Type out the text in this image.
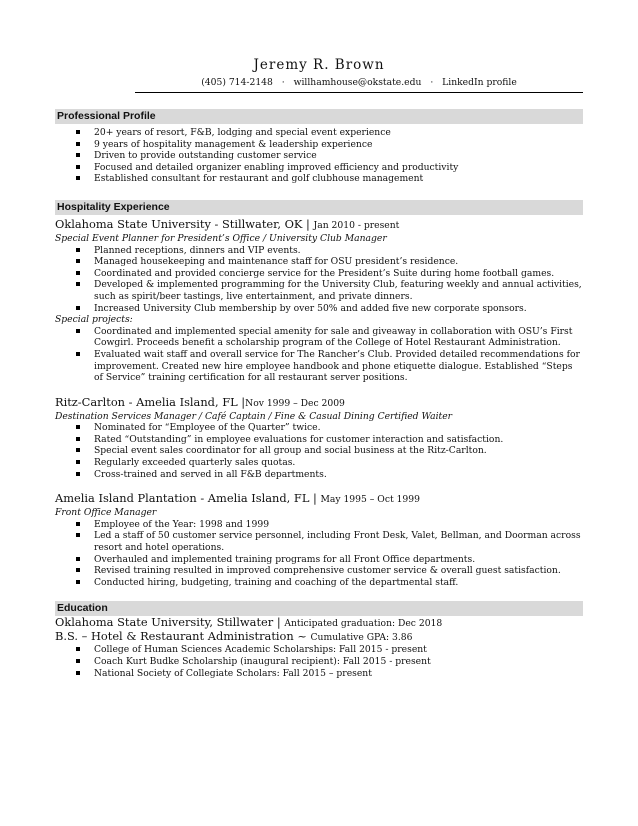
Jeremy R. Brown
(405) 714-2148 · willhamhouse@okstate.edu · LinkedIn profile
Professional Profile
20+ years of resort, F&B, lodging and special event experience
9 years of hospitality management & leadership experience
Driven to provide outstanding customer service
Focused and detailed organizer enabling improved efficiency and productivity
Established consultant for restaurant and golf clubhouse management
Hospitality Experience
Oklahoma State University - Stillwater, OK | Jan 2010 - present
Special Event Planner for President’s Office / University Club Manager
Planned receptions, dinners and VIP events.
Managed housekeeping and maintenance staff for OSU president’s residence.
Coordinated and provided concierge service for the President’s Suite during home football games.
Developed & implemented programming for the University Club, featuring weekly and annual activities, such as spirit/beer tastings, live entertainment, and private dinners.
Increased University Club membership by over 50% and added five new corporate sponsors.
Special projects:
Coordinated and implemented special amenity for sale and giveaway in collaboration with OSU’s First Cowgirl. Proceeds benefit a scholarship program of the College of Hotel Restaurant Administration.
Evaluated wait staff and overall service for The Rancher’s Club. Provided detailed recommendations for improvement. Created new hire employee handbook and phone etiquette dialogue. Established “Steps of Service” training certification for all restaurant server positions.
Ritz-Carlton - Amelia Island, FL |Nov 1999 – Dec 2009
Destination Services Manager / Café Captain / Fine & Casual Dining Certified Waiter
Nominated for “Employee of the Quarter” twice.
Rated “Outstanding” in employee evaluations for customer interaction and satisfaction.
Special event sales coordinator for all group and social business at the Ritz-Carlton.
Regularly exceeded quarterly sales quotas.
Cross-trained and served in all F&B departments.
Amelia Island Plantation - Amelia Island, FL | May 1995 – Oct 1999
Front Office Manager
Employee of the Year: 1998 and 1999
Led a staff of 50 customer service personnel, including Front Desk, Valet, Bellman, and Doorman across resort and hotel operations.
Overhauled and implemented training programs for all Front Office departments.
Revised training resulted in improved comprehensive customer service & overall guest satisfaction.
Conducted hiring, budgeting, training and coaching of the departmental staff.
Education
Oklahoma State University, Stillwater | Anticipated graduation: Dec 2018
B.S. – Hotel & Restaurant Administration ~ Cumulative GPA: 3.86
College of Human Sciences Academic Scholarships: Fall 2015 - present
Coach Kurt Budke Scholarship (inaugural recipient): Fall 2015 - present
National Society of Collegiate Scholars: Fall 2015 – present
